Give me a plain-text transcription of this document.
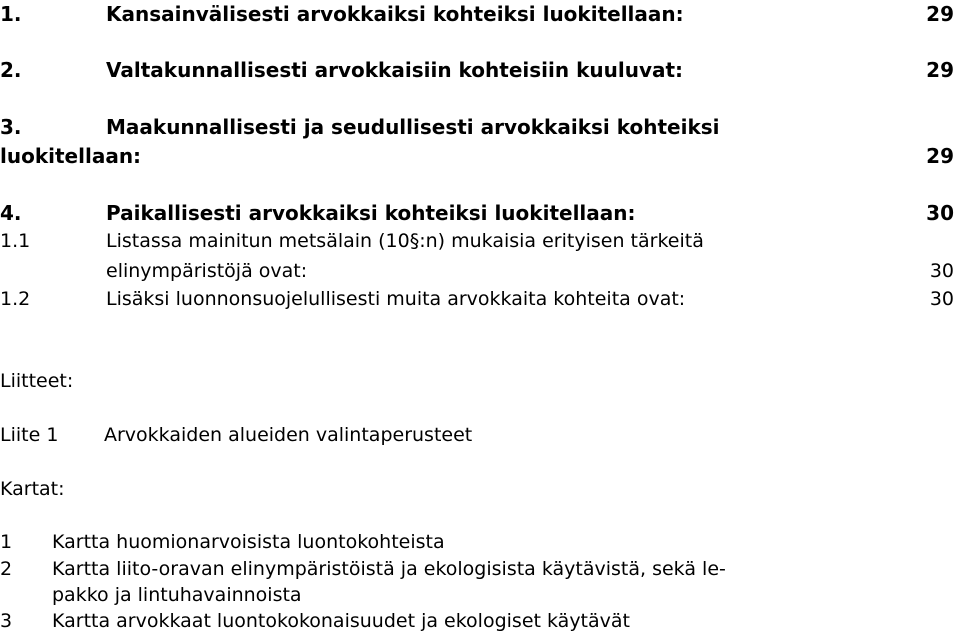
1.	Kansainvälisesti arvokkaiksi kohteiksi luokitellaan:	29
2.	Valtakunnallisesti arvokkaisiin kohteisiin kuuluvat:	29
3.	Maakunnallisesti ja seudullisesti arvokkaiksi kohteiksi
luokitellaan:	29
4.	Paikallisesti arvokkaiksi kohteiksi luokitellaan:	30
1.1	Listassa mainitun metsälain (10§:n) mukaisia erityisen tärkeitä
elinympäristöjä ovat:	30
1.2	Lisäksi luonnonsuojelullisesti muita arvokkaita kohteita ovat:	30
Liitteet:
Liite 1 Arvokkaiden alueiden valintaperusteet
Kartat:
1 Kartta huomionarvoisista luontokohteista
2 Kartta liito-oravan elinympäristöistä ja ekologisista käytävistä, sekä le-
pakko ja lintuhavainnoista
3 Kartta arvokkaat luontokokonaisuudet ja ekologiset käytävät
